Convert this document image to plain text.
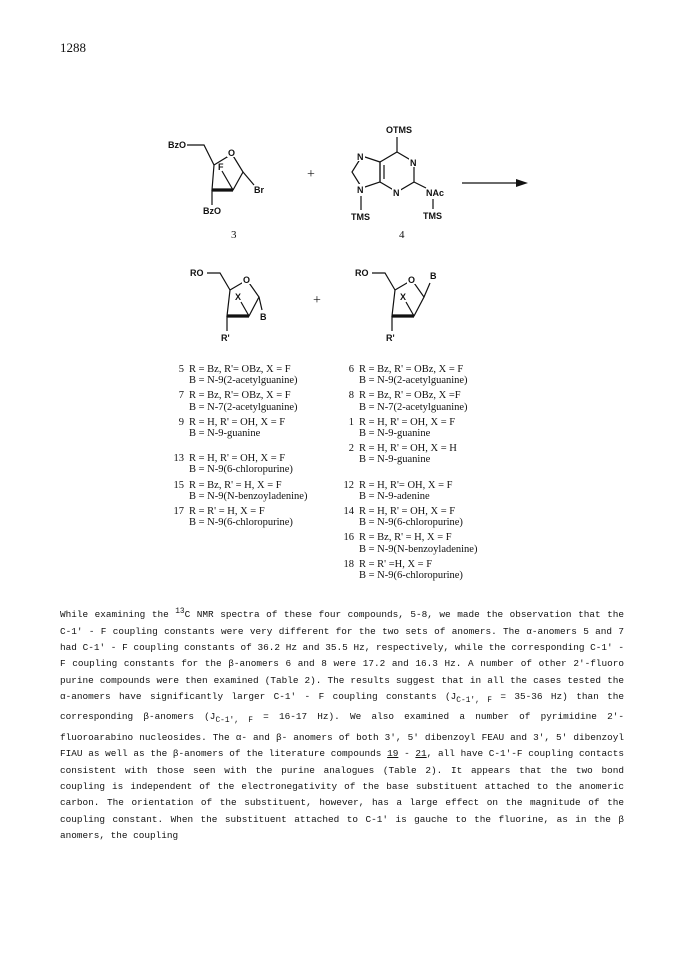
1288
BzO
O
F
Br
BzO
3
+
OTMS
N
N
N
N	NAc
TMS
TMS
4
RO
O
X
B
R'
+
RO
O B
X
R'
5 R = Bz, R'= OBz, X = F
B = N-9(2-acetylguanine)
7 R = Bz, R'= OBz, X = F
B = N-7(2-acetylguanine)
9 R = H, R' = OH, X = F
B = N-9-guanine
13 R = H, R' = OH, X = F
B = N-9(6-chloropurine)
15 R = Bz, R' = H, X = F
B = N-9(N-benzoyladenine)
17 R = R' = H, X = F
B = N-9(6-chloropurine)
6 R = Bz, R' = OBz, X = F
B = N-9(2-acetylguanine)
8 R = Bz, R' = OBz, X =F
B = N-7(2-acetylguanine)
1 R = H, R' = OH, X = F
B = N-9-guanine
2 R = H, R' = OH, X = H
B = N-9-guanine
12 R = H, R'= OH, X = F
B = N-9-adenine
14 R = H, R' = OH, X = F
B = N-9(6-chloropurine)
16 R = Bz, R' = H, X = F
B = N-9(N-benzoyladenine)
18 R = R' =H, X = F
B = N-9(6-chloropurine)

While examining the $^{13}$C NMR spectra of these four compounds, 5-8, we made the observation that the C-1' - F coupling constants were very different for the two sets of anomers. The α-anomers 5 and 7 had C-1' - F coupling constants of 36.2 Hz and 35.5 Hz, respectively, while the corresponding C-1' - F coupling constants for the β-anomers 6 and 8 were 17.2 and 16.3 Hz. A number of other 2'-fluoro purine compounds were then examined (Table 2). The results suggest that in all the cases tested the α-anomers have significantly larger C-1' - F coupling constants ($J_{C-1', F} = 35-36$ Hz) than the corresponding β-anomers ($J_{C-1', F} = 16-17$ Hz). We also examined a number of pyrimidine 2'-fluoroarabino nucleosides. The α- and β- anomers of both 3', 5' dibenzoyl FEAU and 3', 5' dibenzoyl FIAU as well as the β-anomers of the literature compounds 19 - 21, all have C-1'-F coupling contacts consistent with those seen with the purine analogues (Table 2). It appears that the two bond coupling is independent of the electronegativity of the base substituent attached to the anomeric carbon. The orientation of the substituent, however, has a large effect on the magnitude of the coupling constant. When the substituent attached to C-1' is gauche to the fluorine, as in the β anomers, the coupling
